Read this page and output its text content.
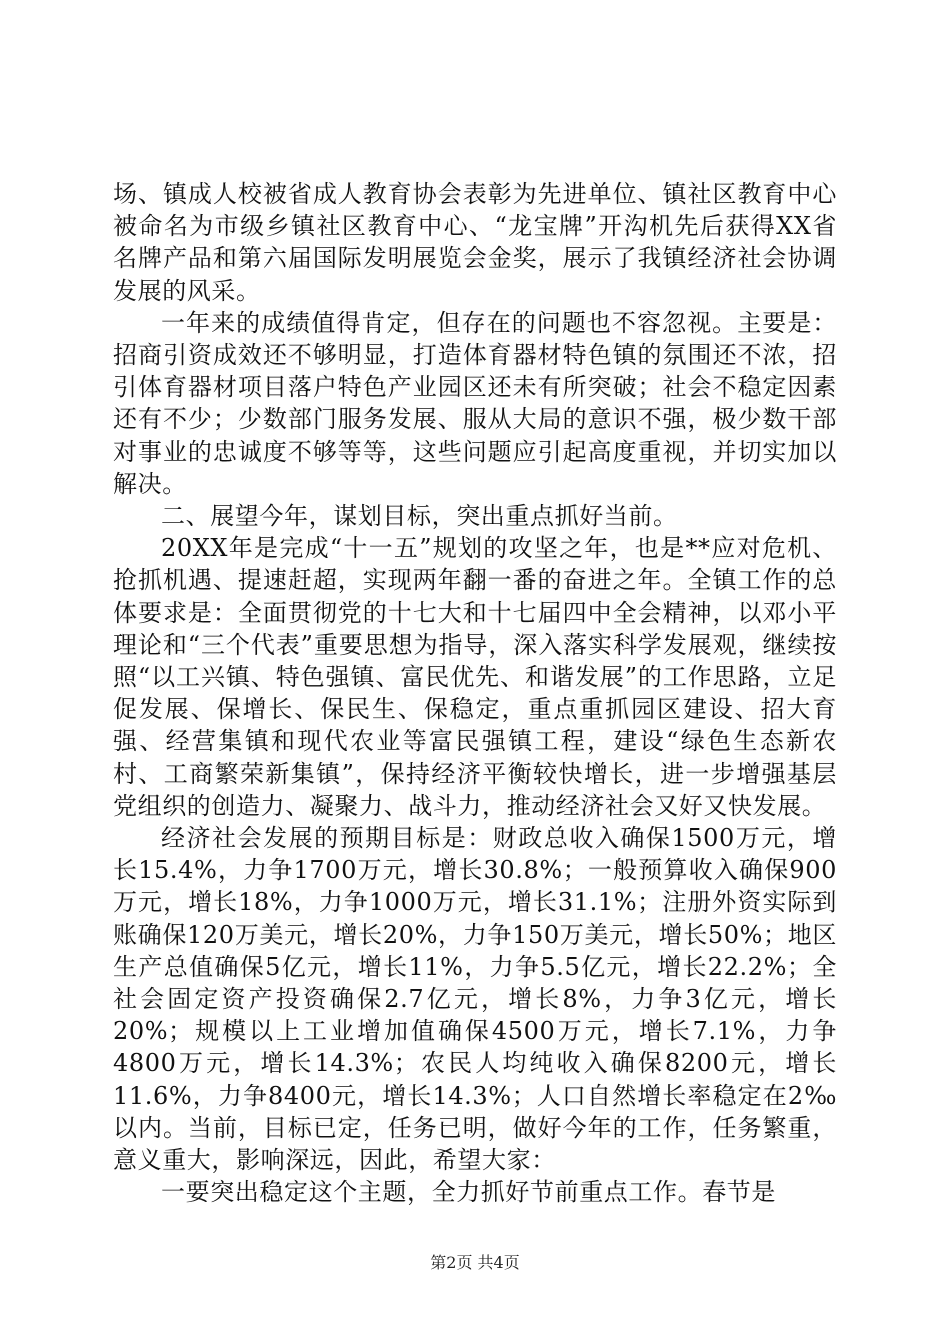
场、镇成人校被省成人教育协会表彰为先进单位、镇社区教育中心被命名为市级乡镇社区教育中心、“龙宝牌”开沟机先后获得XX省名牌产品和第六届国际发明展览会金奖，展示了我镇经济社会协调发展的风采。

一年来的成绩值得肯定，但存在的问题也不容忽视。主要是：招商引资成效还不够明显，打造体育器材特色镇的氛围还不浓，招引体育器材项目落户特色产业园区还未有所突破；社会不稳定因素还有不少；少数部门服务发展、服从大局的意识不强，极少数干部对事业的忠诚度不够等等，这些问题应引起高度重视，并切实加以解决。

二、展望今年，谋划目标，突出重点抓好当前。

20XX年是完成“十一五”规划的攻坚之年，也是**应对危机、抢抓机遇、提速赶超，实现两年翻一番的奋进之年。全镇工作的总体要求是：全面贯彻党的十七大和十七届四中全会精神，以邓小平理论和“三个代表”重要思想为指导，深入落实科学发展观，继续按照“以工兴镇、特色强镇、富民优先、和谐发展”的工作思路，立足促发展、保增长、保民生、保稳定，重点重抓园区建设、招大育强、经营集镇和现代农业等富民强镇工程，建设“绿色生态新农村、工商繁荣新集镇”，保持经济平衡较快增长，进一步增强基层党组织的创造力、凝聚力、战斗力，推动经济社会又好又快发展。

经济社会发展的预期目标是：财政总收入确保1500万元，增长15.4%，力争1700万元，增长30.8%；一般预算收入确保900万元，增长18%，力争1000万元，增长31.1%；注册外资实际到账确保120万美元，增长20%，力争150万美元，增长50%；地区生产总值确保5亿元，增长11%，力争5.5亿元，增长22.2%；全社会固定资产投资确保2.7亿元，增长8%，力争3亿元，增长20%；规模以上工业增加值确保4500万元，增长7.1%，力争4800万元，增长14.3%；农民人均纯收入确保8200元，增长11.6%，力争8400元，增长14.3%；人口自然增长率稳定在2‰以内。当前，目标已定，任务已明，做好今年的工作，任务繁重，意义重大，影响深远，因此，希望大家：

一要突出稳定这个主题，全力抓好节前重点工作。春节是

第2页 共4页
